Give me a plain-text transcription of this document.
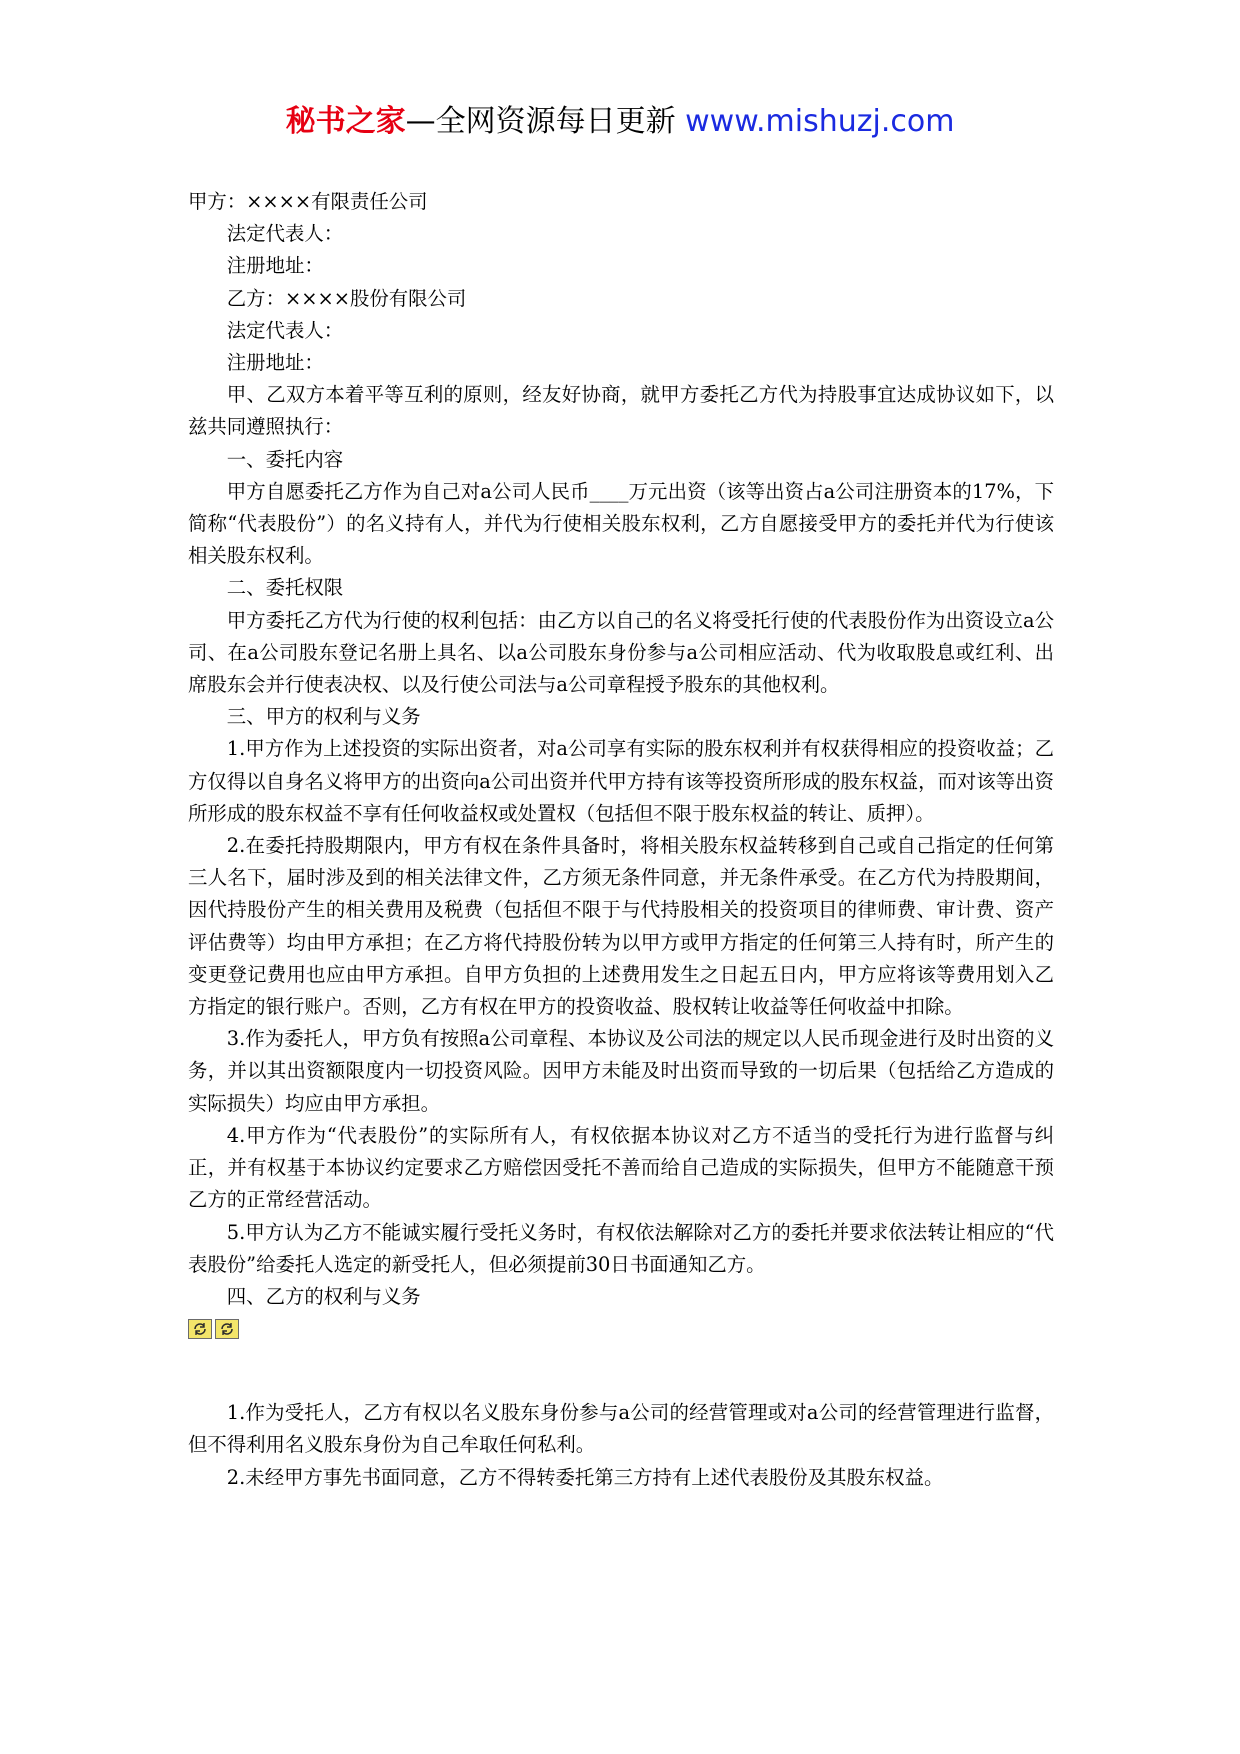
秘书之家—全网资源每日更新 www.mishuzj.com

甲方：××××有限责任公司

法定代表人：

注册地址：

乙方：××××股份有限公司

法定代表人：

注册地址：

甲、乙双方本着平等互利的原则，经友好协商，就甲方委托乙方代为持股事宜达成协议如下，以兹共同遵照执行：

一、委托内容

甲方自愿委托乙方作为自己对a公司人民币____万元出资（该等出资占a公司注册资本的17%，下简称“代表股份”）的名义持有人，并代为行使相关股东权利，乙方自愿接受甲方的委托并代为行使该相关股东权利。

二、委托权限

甲方委托乙方代为行使的权利包括：由乙方以自己的名义将受托行使的代表股份作为出资设立a公司、在a公司股东登记名册上具名、以a公司股东身份参与a公司相应活动、代为收取股息或红利、出席股东会并行使表决权、以及行使公司法与a公司章程授予股东的其他权利。

三、甲方的权利与义务

1.甲方作为上述投资的实际出资者，对a公司享有实际的股东权利并有权获得相应的投资收益；乙方仅得以自身名义将甲方的出资向a公司出资并代甲方持有该等投资所形成的股东权益，而对该等出资所形成的股东权益不享有任何收益权或处置权（包括但不限于股东权益的转让、质押）。

2.在委托持股期限内，甲方有权在条件具备时，将相关股东权益转移到自己或自己指定的任何第三人名下，届时涉及到的相关法律文件，乙方须无条件同意，并无条件承受。在乙方代为持股期间，因代持股份产生的相关费用及税费（包括但不限于与代持股相关的投资项目的律师费、审计费、资产评估费等）均由甲方承担；在乙方将代持股份转为以甲方或甲方指定的任何第三人持有时，所产生的变更登记费用也应由甲方承担。自甲方负担的上述费用发生之日起五日内，甲方应将该等费用划入乙方指定的银行账户。否则，乙方有权在甲方的投资收益、股权转让收益等任何收益中扣除。

3.作为委托人，甲方负有按照a公司章程、本协议及公司法的规定以人民币现金进行及时出资的义务，并以其出资额限度内一切投资风险。因甲方未能及时出资而导致的一切后果（包括给乙方造成的实际损失）均应由甲方承担。

4.甲方作为“代表股份”的实际所有人，有权依据本协议对乙方不适当的受托行为进行监督与纠正，并有权基于本协议约定要求乙方赔偿因受托不善而给自己造成的实际损失，但甲方不能随意干预乙方的正常经营活动。

5.甲方认为乙方不能诚实履行受托义务时，有权依法解除对乙方的委托并要求依法转让相应的“代表股份”给委托人选定的新受托人，但必须提前30日书面通知乙方。

四、乙方的权利与义务

1.作为受托人，乙方有权以名义股东身份参与a公司的经营管理或对a公司的经营管理进行监督，但不得利用名义股东身份为自己牟取任何私利。

2.未经甲方事先书面同意，乙方不得转委托第三方持有上述代表股份及其股东权益。
